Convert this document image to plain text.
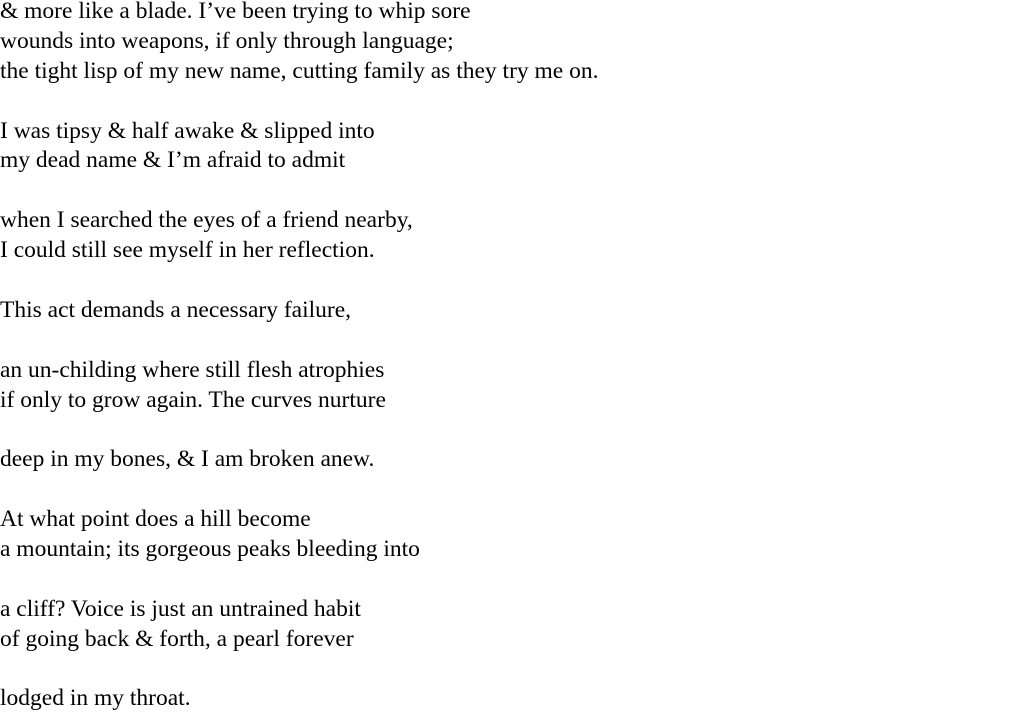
& more like a blade. I’ve been trying to whip sore
wounds into weapons, if only through language;
the tight lisp of my new name, cutting family as they try me on.
I was tipsy & half awake & slipped into
my dead name & I’m afraid to admit
when I searched the eyes of a friend nearby,
I could still see myself in her reflection.
This act demands a necessary failure,
an un-childing where still flesh atrophies
if only to grow again. The curves nurture
deep in my bones, & I am broken anew.
At what point does a hill become
a mountain; its gorgeous peaks bleeding into
a cliff? Voice is just an untrained habit
of going back & forth, a pearl forever
lodged in my throat.
